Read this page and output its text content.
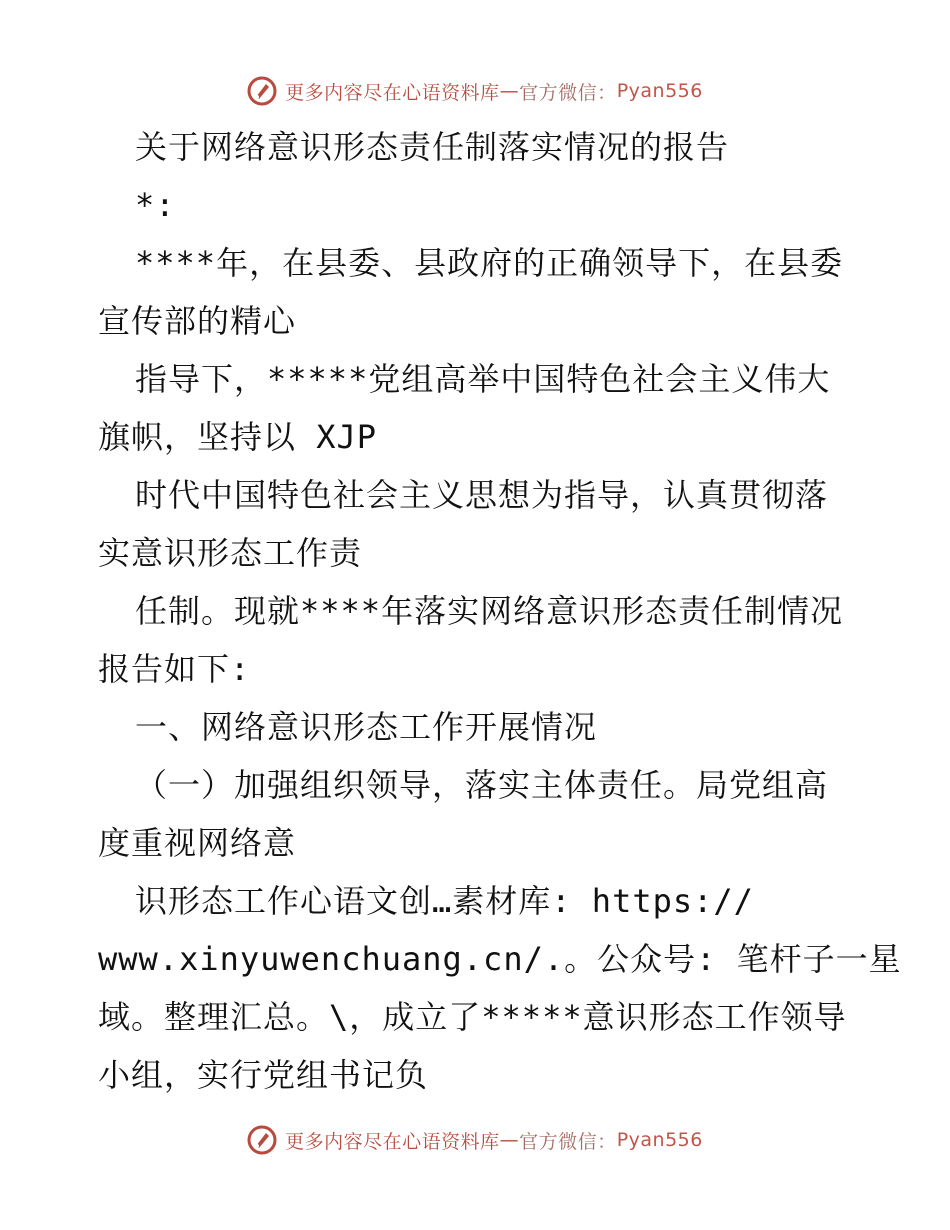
更多内容尽在心语资料库 — 官方微信： Pyan556
关于网络意识形态责任制落实情况的报告
*:
****年，在县委、县政府的正确领导下，在县委
宣传部的精心
指导下，*****党组高举中国特色社会主义伟大
旗帜，坚持以 XJP
时代中国特色社会主义思想为指导，认真贯彻落
实意识形态工作责
任制。现就****年落实网络意识形态责任制情况
报告如下:
一、网络意识形态工作开展情况
（一）加强组织领导，落实主体责任。局党组高
度重视网络意
识形态工作心语文创…素材库: https://
www.xinyuwenchuang.cn/.。公众号: 笔杆子一星
域。整理汇总。\，成立了*****意识形态工作领导
小组，实行党组书记负
更多内容尽在心语资料库 — 官方微信： Pyan556
